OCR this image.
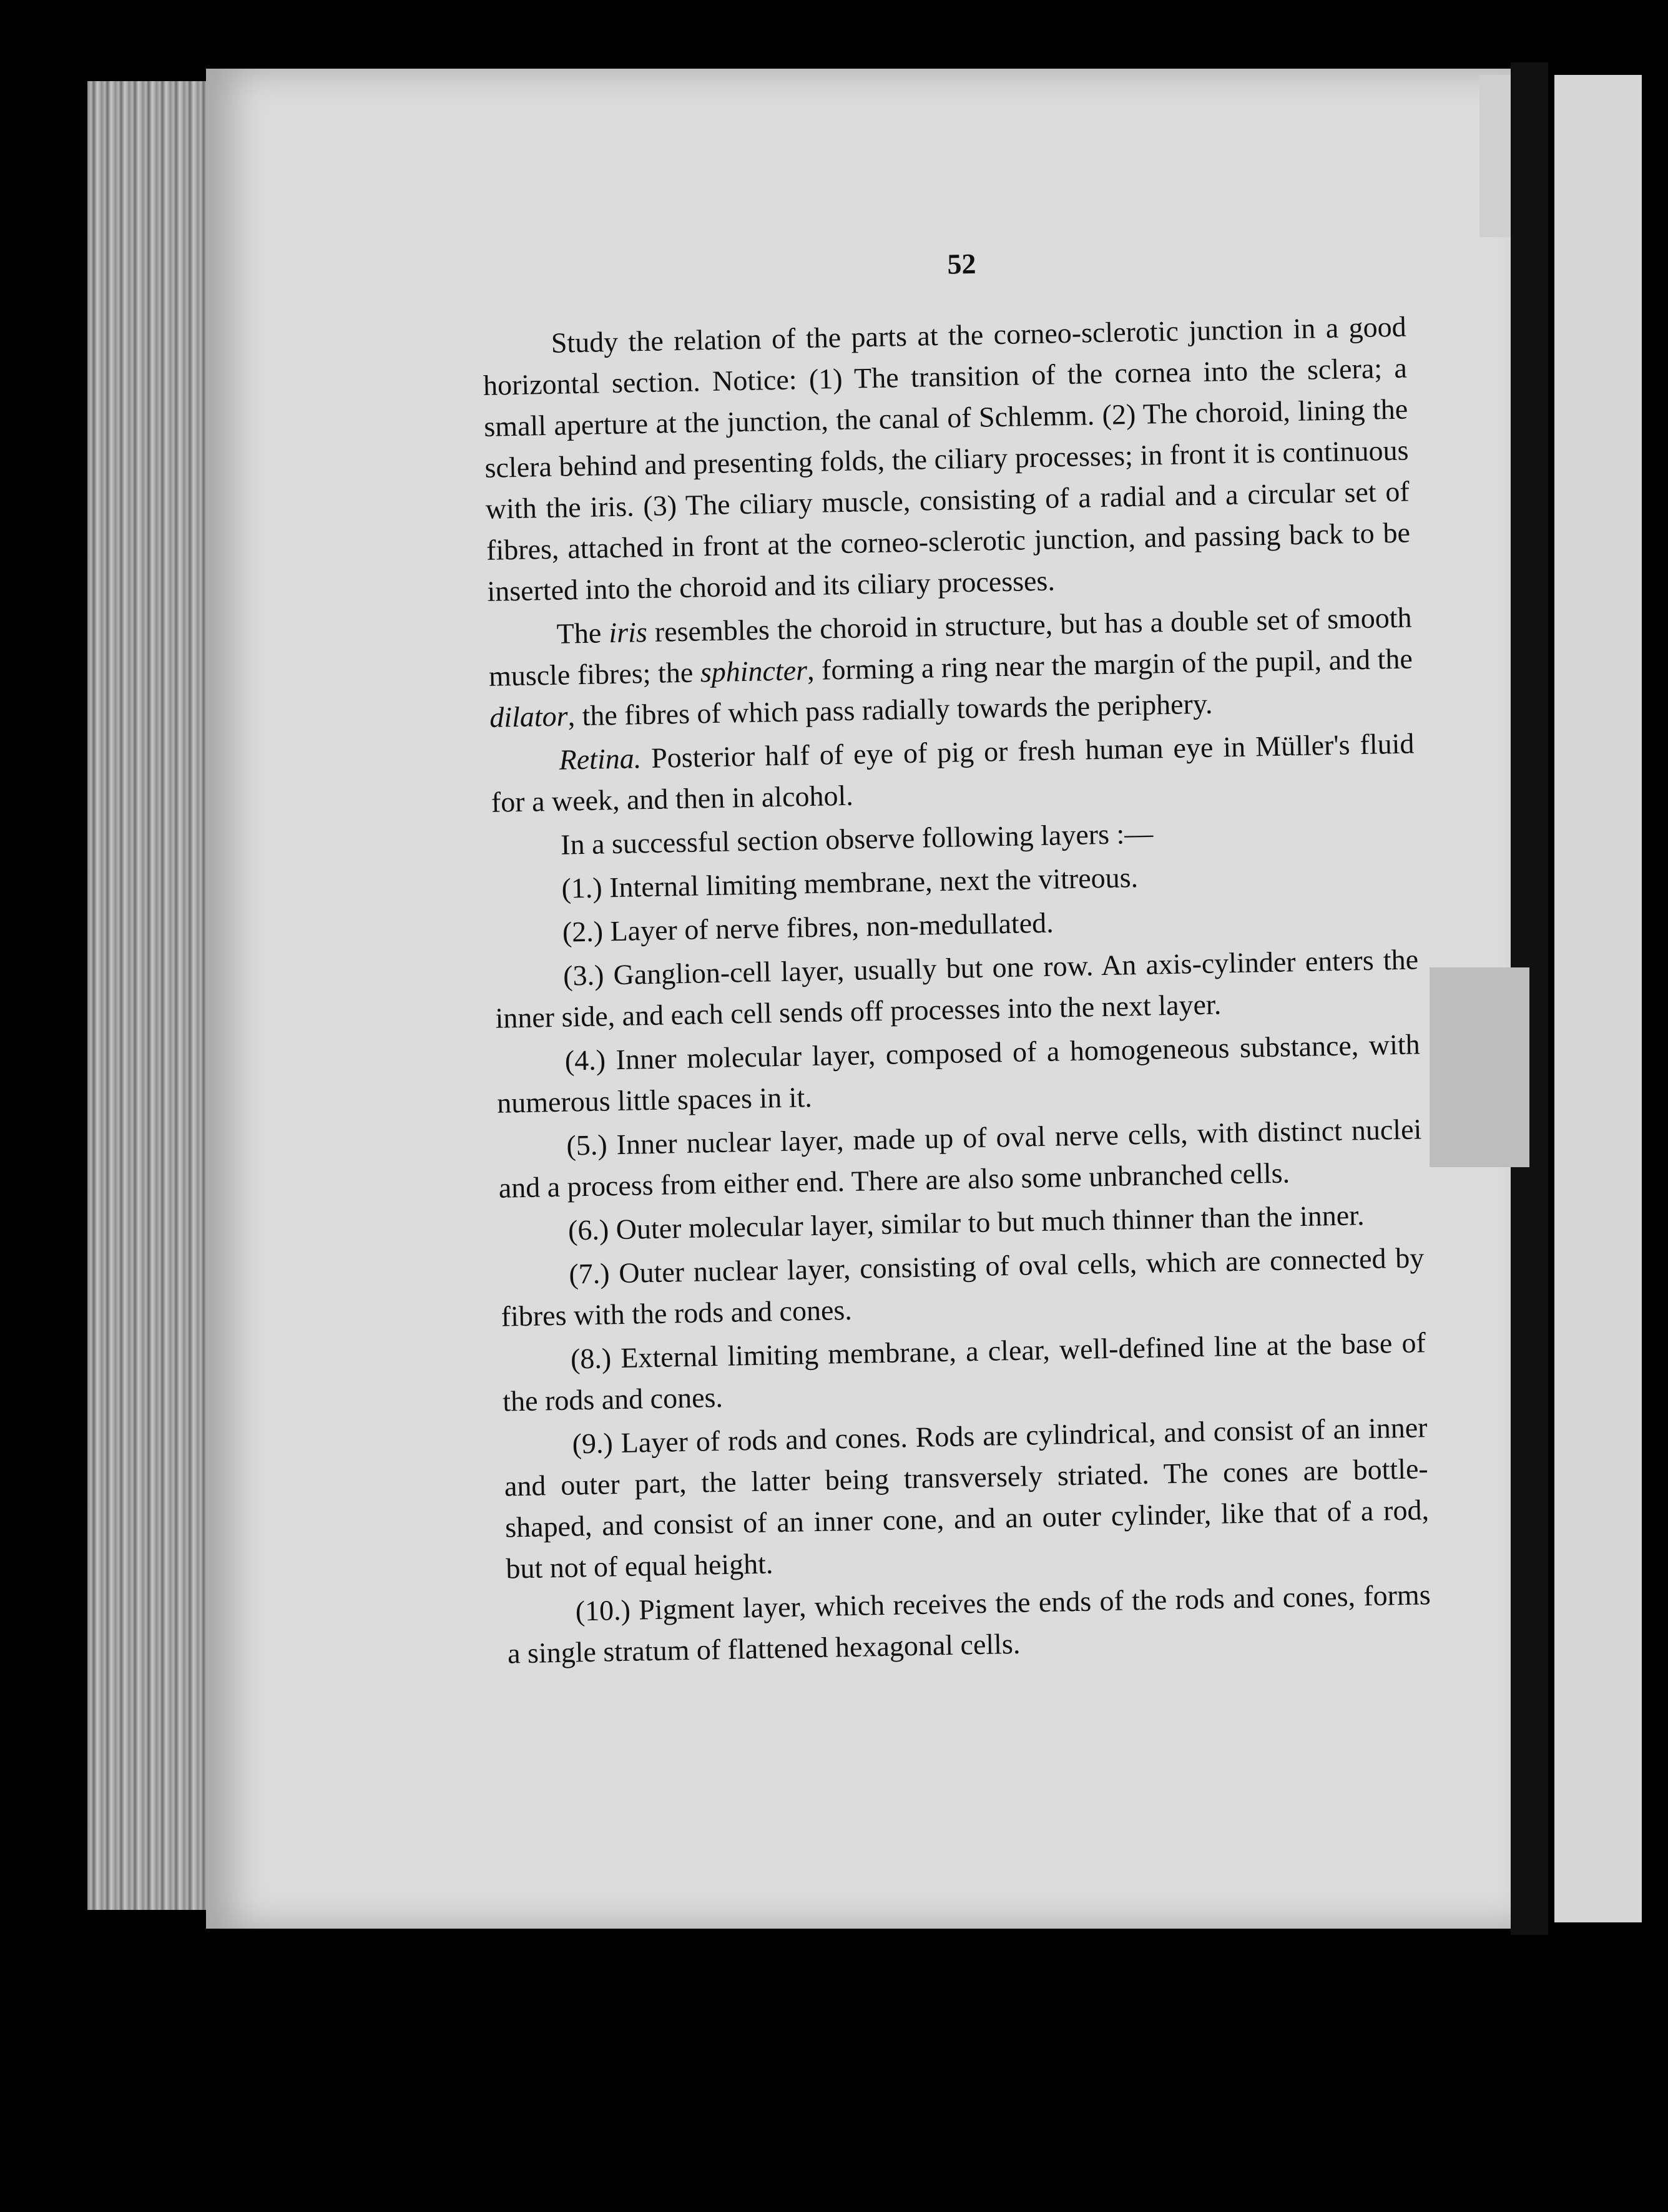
52

Study the relation of the parts at the corneo-sclerotic junction in a good horizontal section. Notice: (1) The transition of the cornea into the sclera; a small aperture at the junction, the canal of Schlemm. (2) The choroid, lining the sclera behind and presenting folds, the ciliary processes; in front it is continuous with the iris. (3) The ciliary muscle, consisting of a radial and a circular set of fibres, attached in front at the corneo-sclerotic junction, and passing back to be inserted into the choroid and its ciliary processes.

The iris resembles the choroid in structure, but has a double set of smooth muscle fibres; the sphincter, forming a ring near the margin of the pupil, and the dilator, the fibres of which pass radially towards the periphery.

Retina. Posterior half of eye of pig or fresh human eye in Müller's fluid for a week, and then in alcohol.

In a successful section observe following layers :—

(1.) Internal limiting membrane, next the vitreous.

(2.) Layer of nerve fibres, non-medullated.

(3.) Ganglion-cell layer, usually but one row. An axis-cylinder enters the inner side, and each cell sends off processes into the next layer.

(4.) Inner molecular layer, composed of a homogeneous substance, with numerous little spaces in it.

(5.) Inner nuclear layer, made up of oval nerve cells, with distinct nuclei and a process from either end. There are also some unbranched cells.

(6.) Outer molecular layer, similar to but much thinner than the inner.

(7.) Outer nuclear layer, consisting of oval cells, which are connected by fibres with the rods and cones.

(8.) External limiting membrane, a clear, well-defined line at the base of the rods and cones.

(9.) Layer of rods and cones. Rods are cylindrical, and consist of an inner and outer part, the latter being transversely striated. The cones are bottle-shaped, and consist of an inner cone, and an outer cylinder, like that of a rod, but not of equal height.

(10.) Pigment layer, which receives the ends of the rods and cones, forms a single stratum of flattened hexagonal cells.
